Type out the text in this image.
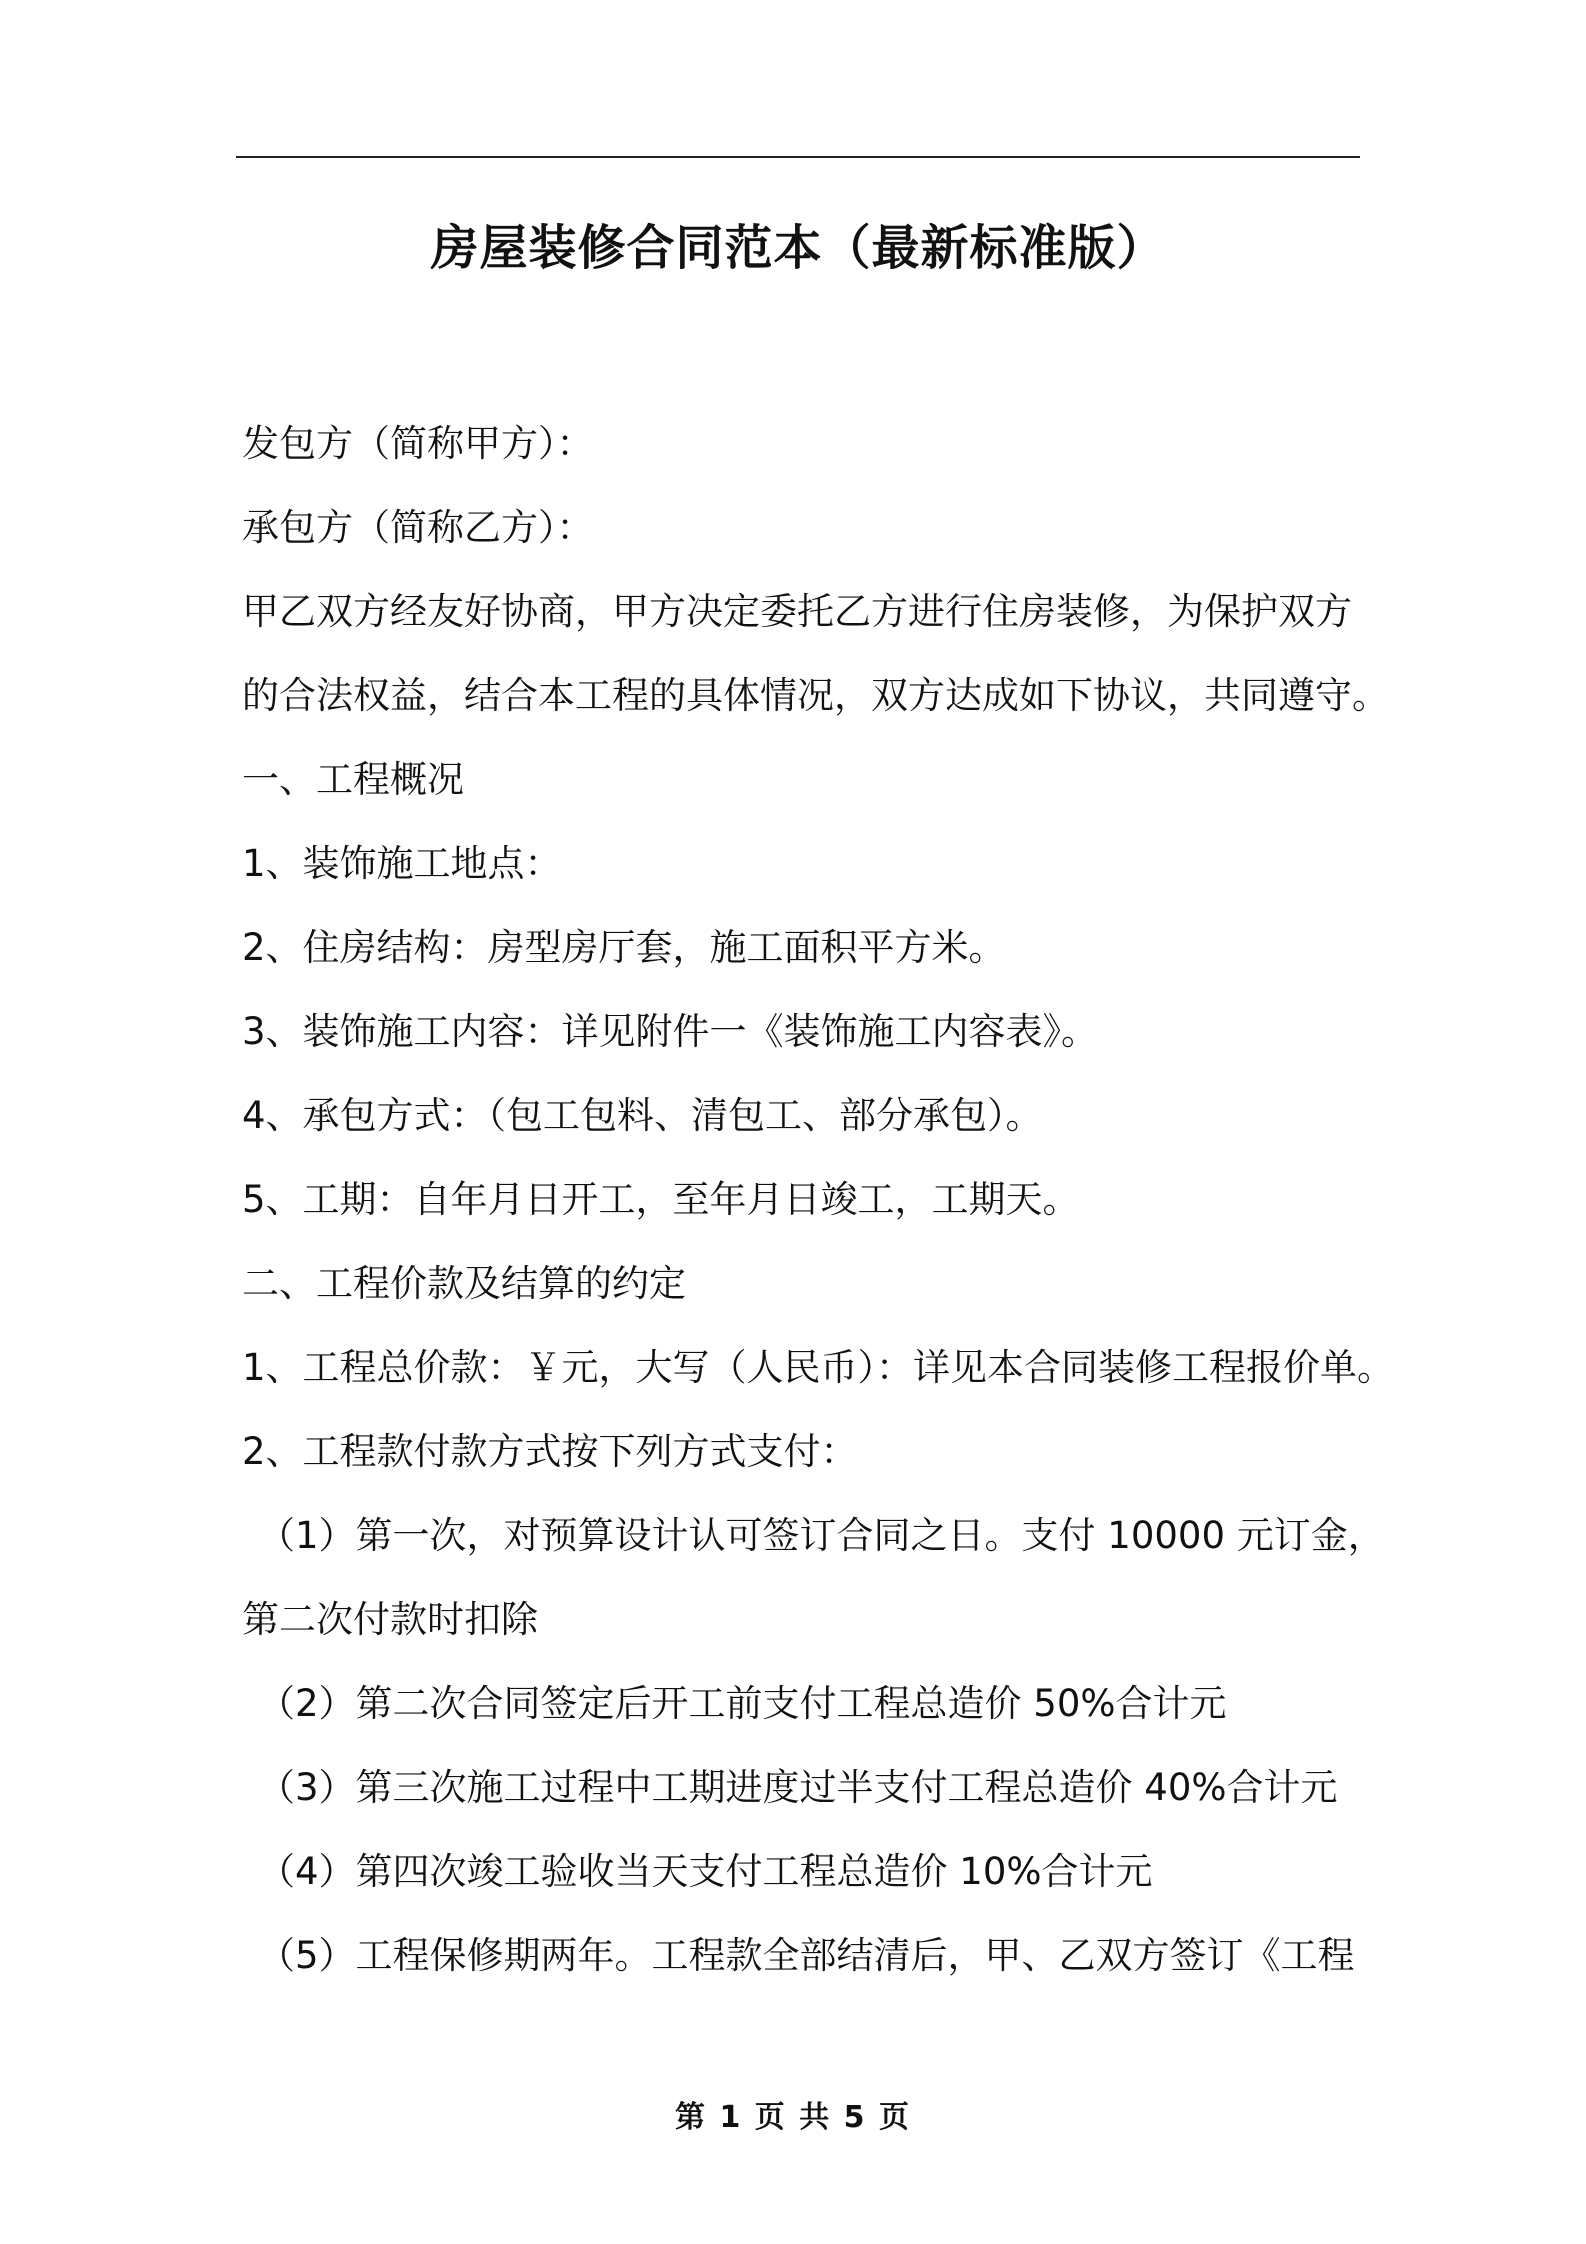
房屋装修合同范本（最新标准版）
发包方（简称甲方）：
承包方（简称乙方）：
甲乙双方经友好协商，甲方决定委托乙方进行住房装修，为保护双方
的合法权益，结合本工程的具体情况，双方达成如下协议，共同遵守。
一、工程概况
1、装饰施工地点：
2、住房结构：房型房厅套，施工面积平方米。
3、装饰施工内容：详见附件一《装饰施工内容表》。
4、承包方式：（包工包料、清包工、部分承包）。
5、工期：自年月日开工，至年月日竣工，工期天。
二、工程价款及结算的约定
1、工程总价款：￥元，大写（人民币）：详见本合同装修工程报价单。
2、工程款付款方式按下列方式支付：
（1）第一次，对预算设计认可签订合同之日。支付 10000 元订金，
第二次付款时扣除
（2）第二次合同签定后开工前支付工程总造价 50%合计元
（3）第三次施工过程中工期进度过半支付工程总造价 40%合计元
（4）第四次竣工验收当天支付工程总造价 10%合计元
（5）工程保修期两年。工程款全部结清后，甲、乙双方签订《工程
第 1 页 共 5 页
